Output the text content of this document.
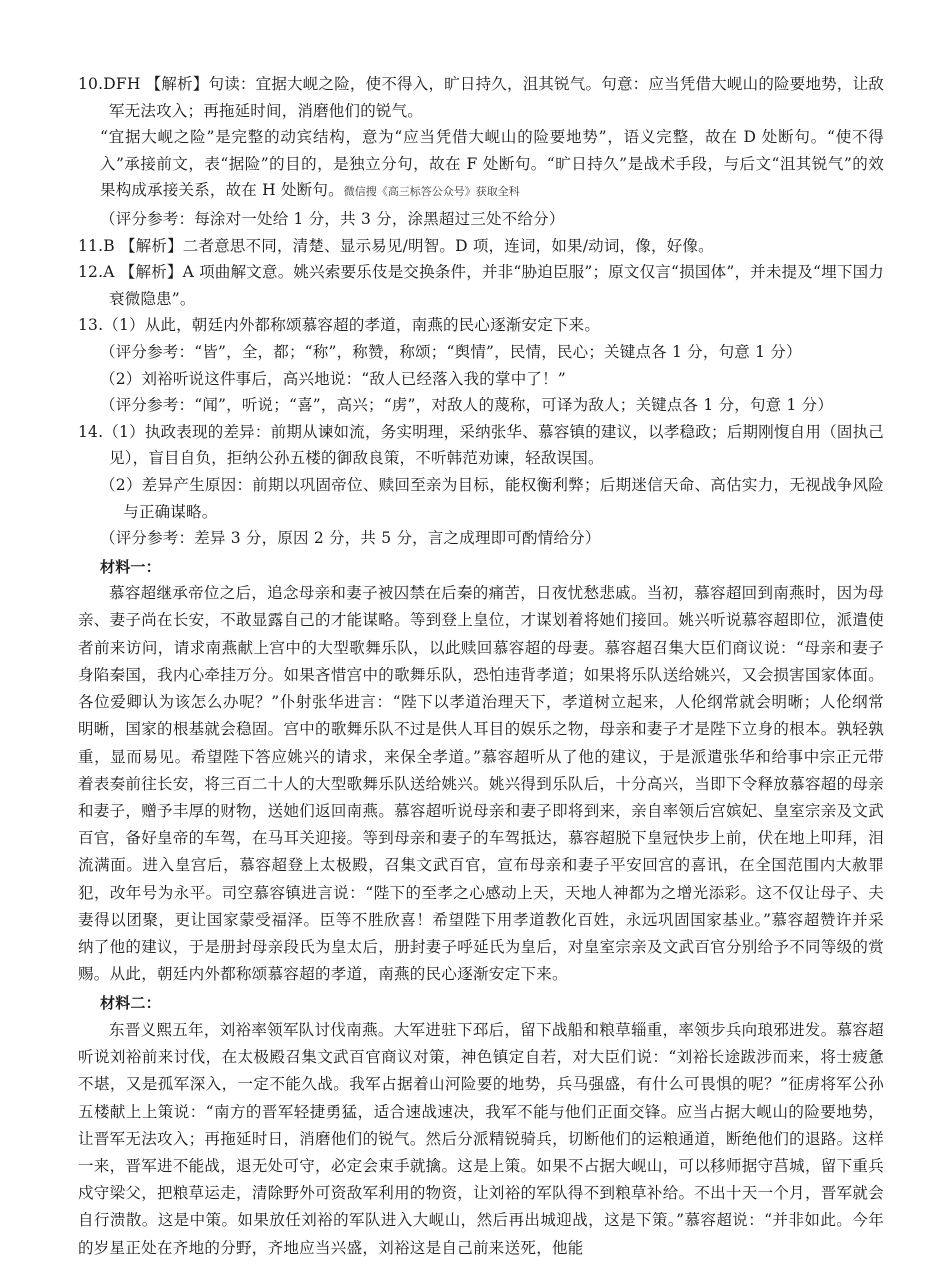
10.DFH 【解析】句读：宜据大岘之险，使不得入，旷日持久，沮其锐气。句意：应当凭借大岘山的险要地势，让敌军无法攻入；再拖延时间，消磨他们的锐气。

“宜据大岘之险”是完整的动宾结构，意为“应当凭借大岘山的险要地势”，语义完整，故在 D 处断句。“使不得入”承接前文，表“据险”的目的，是独立分句，故在 F 处断句。“旷日持久”是战术手段，与后文“沮其锐气”的效果构成承接关系，故在 H 处断句。微信搜《高三标答公众号》获取全科

（评分参考：每涂对一处给 1 分，共 3 分，涂黑超过三处不给分）

11.B 【解析】二者意思不同，清楚、显示易见/明智。D 项，连词，如果/动词，像，好像。

12.A 【解析】A 项曲解文意。姚兴索要乐伎是交换条件，并非“胁迫臣服”；原文仅言“损国体”，并未提及“埋下国力衰微隐患”。

13.（1）从此，朝廷内外都称颂慕容超的孝道，南燕的民心逐渐安定下来。

（评分参考：“皆”，全，都；“称”，称赞，称颂；“舆情”，民情，民心；关键点各 1 分，句意 1 分）

（2）刘裕听说这件事后，高兴地说：“敌人已经落入我的掌中了！”

（评分参考：“闻”，听说；“喜”，高兴；“虏”，对敌人的蔑称，可译为敌人；关键点各 1 分，句意 1 分）

14.（1）执政表现的差异：前期从谏如流，务实明理，采纳张华、慕容镇的建议，以孝稳政；后期刚愎自用（固执己见），盲目自负，拒纳公孙五楼的御敌良策，不听韩范劝谏，轻敌误国。

（2）差异产生原因：前期以巩固帝位、赎回至亲为目标，能权衡利弊；后期迷信天命、高估实力，无视战争风险与正确谋略。

（评分参考：差异 3 分，原因 2 分，共 5 分，言之成理即可酌情给分）

材料一：

慕容超继承帝位之后，追念母亲和妻子被囚禁在后秦的痛苦，日夜忧愁悲戚。当初，慕容超回到南燕时，因为母亲、妻子尚在长安，不敢显露自己的才能谋略。等到登上皇位，才谋划着将她们接回。姚兴听说慕容超即位，派遣使者前来访问，请求南燕献上宫中的大型歌舞乐队，以此赎回慕容超的母妻。慕容超召集大臣们商议说：“母亲和妻子身陷秦国，我内心牵挂万分。如果吝惜宫中的歌舞乐队，恐怕违背孝道；如果将乐队送给姚兴，又会损害国家体面。各位爱卿认为该怎么办呢？”仆射张华进言：“陛下以孝道治理天下，孝道树立起来，人伦纲常就会明晰；人伦纲常明晰，国家的根基就会稳固。宫中的歌舞乐队不过是供人耳目的娱乐之物，母亲和妻子才是陛下立身的根本。孰轻孰重，显而易见。希望陛下答应姚兴的请求，来保全孝道。”慕容超听从了他的建议，于是派遣张华和给事中宗正元带着表奏前往长安，将三百二十人的大型歌舞乐队送给姚兴。姚兴得到乐队后，十分高兴，当即下令释放慕容超的母亲和妻子，赠予丰厚的财物，送她们返回南燕。慕容超听说母亲和妻子即将到来，亲自率领后宫嫔妃、皇室宗亲及文武百官，备好皇帝的车驾，在马耳关迎接。等到母亲和妻子的车驾抵达，慕容超脱下皇冠快步上前，伏在地上叩拜，泪流满面。进入皇宫后，慕容超登上太极殿，召集文武百官，宣布母亲和妻子平安回宫的喜讯，在全国范围内大赦罪犯，改年号为永平。司空慕容镇进言说：“陛下的至孝之心感动上天，天地人神都为之增光添彩。这不仅让母子、夫妻得以团聚，更让国家蒙受福泽。臣等不胜欣喜！希望陛下用孝道教化百姓，永远巩固国家基业。”慕容超赞许并采纳了他的建议，于是册封母亲段氏为皇太后，册封妻子呼延氏为皇后，对皇室宗亲及文武百官分别给予不同等级的赏赐。从此，朝廷内外都称颂慕容超的孝道，南燕的民心逐渐安定下来。

材料二：

东晋义熙五年，刘裕率领军队讨伐南燕。大军进驻下邳后，留下战船和粮草辎重，率领步兵向琅邪进发。慕容超听说刘裕前来讨伐，在太极殿召集文武百官商议对策，神色镇定自若，对大臣们说：“刘裕长途跋涉而来，将士疲惫不堪，又是孤军深入，一定不能久战。我军占据着山河险要的地势，兵马强盛，有什么可畏惧的呢？”征虏将军公孙五楼献上上策说：“南方的晋军轻捷勇猛，适合速战速决，我军不能与他们正面交锋。应当占据大岘山的险要地势，让晋军无法攻入；再拖延时日，消磨他们的锐气。然后分派精锐骑兵，切断他们的运粮通道，断绝他们的退路。这样一来，晋军进不能战，退无处可守，必定会束手就擒。这是上策。如果不占据大岘山，可以移师据守莒城，留下重兵戍守梁父，把粮草运走，清除野外可资敌军利用的物资，让刘裕的军队得不到粮草补给。不出十天一个月，晋军就会自行溃散。这是中策。如果放任刘裕的军队进入大岘山，然后再出城迎战，这是下策。”慕容超说：“并非如此。今年的岁星正处在齐地的分野，齐地应当兴盛，刘裕这是自己前来送死，他能
